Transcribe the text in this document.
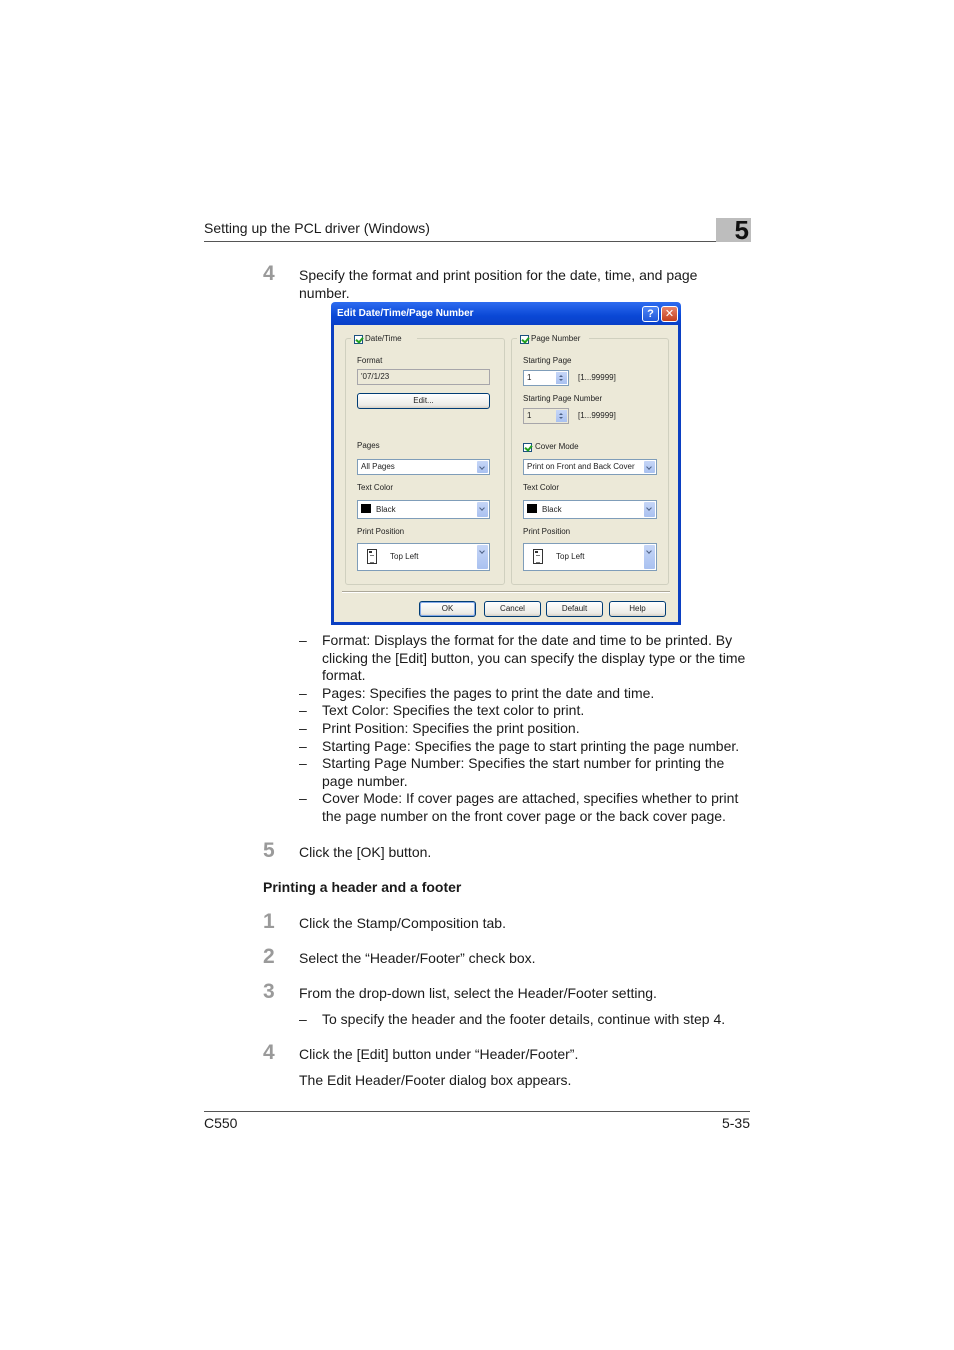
Setting up the PCL driver (Windows)	5
4	Specify the format and print position for the date, time, and page number.
Edit Date/Time/Page Number	?	✕
Date/Time
Format
'07/1/23
Edit...
Pages
All Pages
Text Color
Black
Print Position
Top Left
Page Number
Starting Page
1	[1...99999]
Starting Page Number
1	[1...99999]
Cover Mode
Print on Front and Back Cover
Text Color
Black
Print Position
Top Left
OK	Cancel	Default	Help
– Format: Displays the format for the date and time to be printed. By clicking the [Edit] button, you can specify the display type or the time format.
– Pages: Specifies the pages to print the date and time.
– Text Color: Specifies the text color to print.
– Print Position: Specifies the print position.
– Starting Page: Specifies the page to start printing the page number.
– Starting Page Number: Specifies the start number for printing the page number.
– Cover Mode: If cover pages are attached, specifies whether to print the page number on the front cover page or the back cover page.
5	Click the [OK] button.
Printing a header and a footer
1	Click the Stamp/Composition tab.
2	Select the “Header/Footer” check box.
3	From the drop-down list, select the Header/Footer setting.
– To specify the header and the footer details, continue with step 4.
4	Click the [Edit] button under “Header/Footer”.
The Edit Header/Footer dialog box appears.
C550	5-35
